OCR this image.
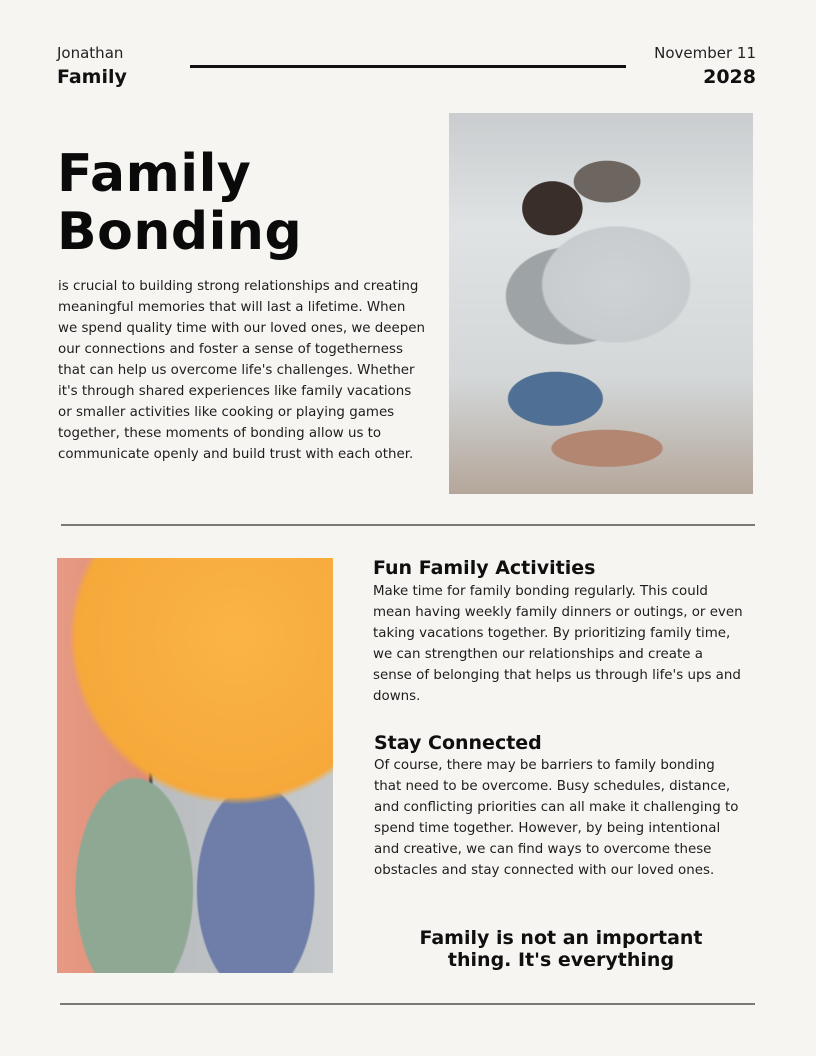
Jonathan
Family
November 11
2028
Family
Bonding
is crucial to building strong relationships and creating meaningful memories that will last a lifetime. When we spend quality time with our loved ones, we deepen our connections and foster a sense of togetherness that can help us overcome life's challenges. Whether it's through shared experiences like family vacations or smaller activities like cooking or playing games together, these moments of bonding allow us to communicate openly and build trust with each other.
Fun Family Activities
Make time for family bonding regularly. This could mean having weekly family dinners or outings, or even taking vacations together. By prioritizing family time, we can strengthen our relationships and create a sense of belonging that helps us through life's ups and downs.
Stay Connected
Of course, there may be barriers to family bonding that need to be overcome. Busy schedules, distance, and conflicting priorities can all make it challenging to spend time together. However, by being intentional and creative, we can find ways to overcome these obstacles and stay connected with our loved ones.
Family is not an important
thing. It's everything
